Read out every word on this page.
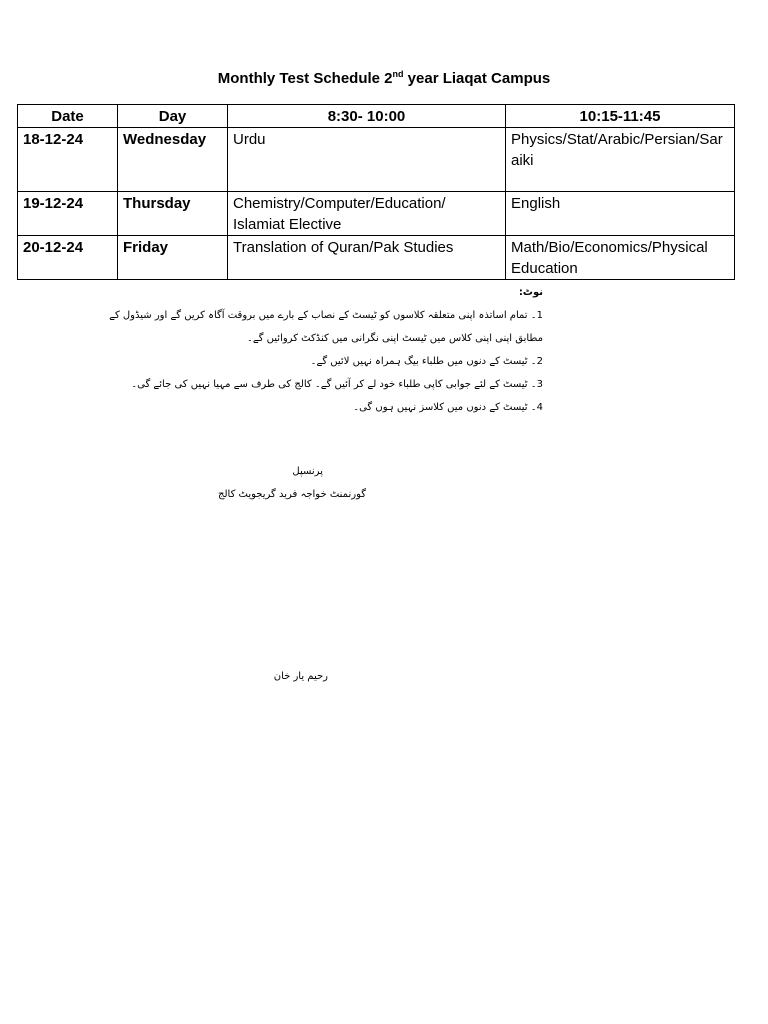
Monthly Test Schedule 2nd year Liaqat Campus
Date	Day	8:30- 10:00	10:15-11:45
18-12-24	Wednesday	Urdu	Physics/Stat/Arabic/Persian/Saraiki
19-12-24	Thursday	Chemistry/Computer/Education/ Islamiat Elective	English
20-12-24	Friday	Translation of Quran/Pak Studies	Math/Bio/Economics/Physical Education
نوٹ:
1۔ تمام اساتذہ اپنی متعلقہ کلاسوں کو ٹیسٹ کے نصاب کے بارے میں بروقت آگاہ کریں گے اور شیڈول کے مطابق اپنی اپنی کلاس میں ٹیسٹ اپنی نگرانی میں کنڈکٹ کروائیں گے۔
2۔ ٹیسٹ کے دنوں میں طلباء بیگ ہمراہ نہیں لائیں گے۔
3۔ ٹیسٹ کے لئے جوابی کاپی طلباء خود لے کر آئیں گے۔ کالج کی طرف سے مہیا نہیں کی جائے گی۔
4۔ ٹیسٹ کے دنوں میں کلاسز نہیں ہوں گی۔
پرنسپل
گورنمنٹ خواجہ فرید گریجویٹ کالج
رحیم یار خان
